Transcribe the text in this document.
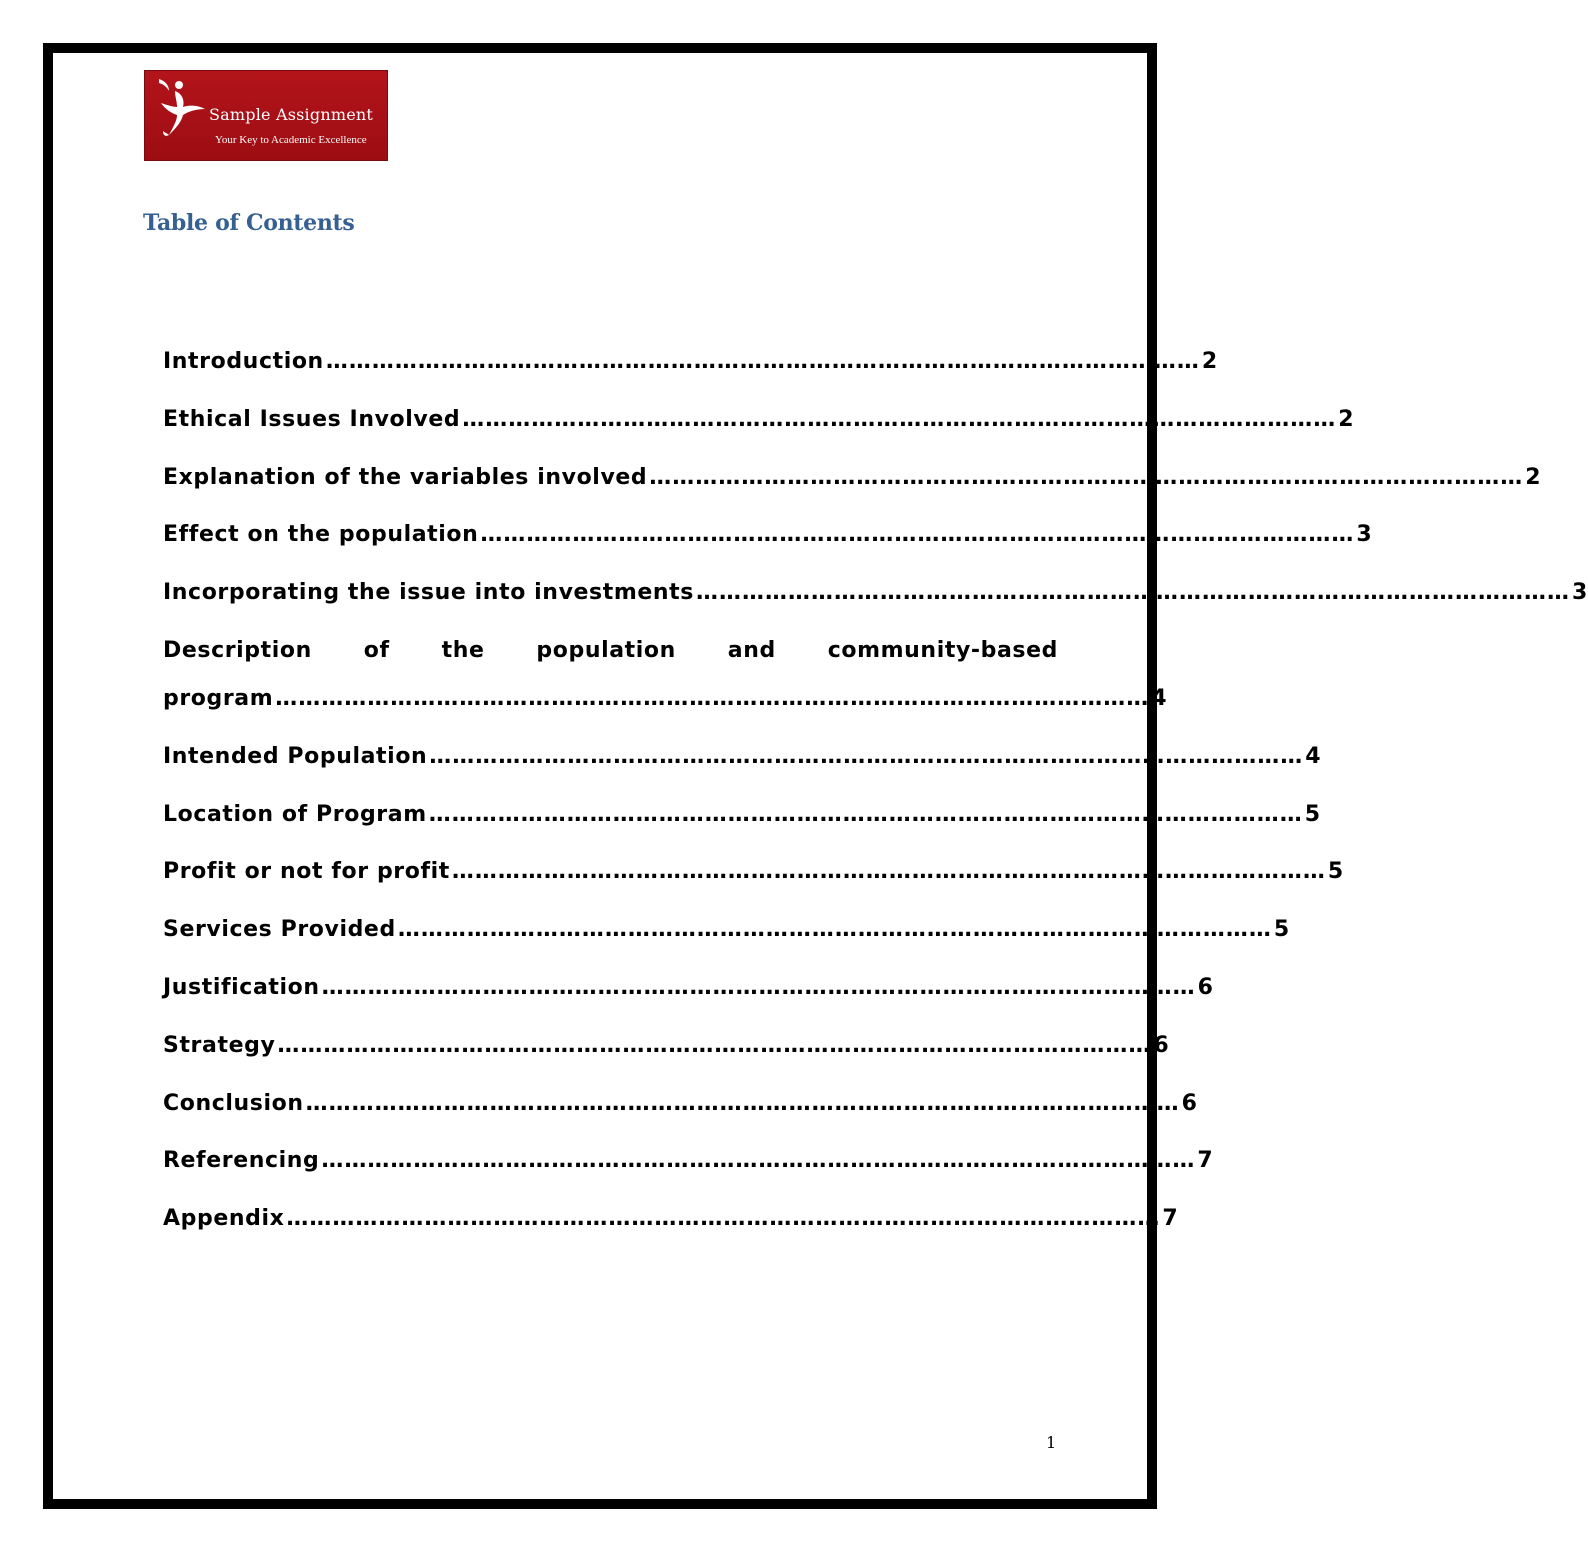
Sample Assignment
Your Key to Academic Excellence
Table of Contents
Introduction …………………………………………………………………………………………………… 2
Ethical Issues Involved …………………………………………………………………………………………………… 2
Explanation of the variables involved …………………………………………………………………………………………………… 2
Effect on the population …………………………………………………………………………………………………… 3
Incorporating the issue into investments …………………………………………………………………………………………………… 3
Description of the population and community-based
program …………………………………………………………………………………………………… 4
Intended Population …………………………………………………………………………………………………… 4
Location of Program …………………………………………………………………………………………………… 5
Profit or not for profit …………………………………………………………………………………………………… 5
Services Provided …………………………………………………………………………………………………… 5
Justification …………………………………………………………………………………………………… 6
Strategy …………………………………………………………………………………………………… 6
Conclusion …………………………………………………………………………………………………… 6
Referencing …………………………………………………………………………………………………… 7
Appendix …………………………………………………………………………………………………… 7
1
